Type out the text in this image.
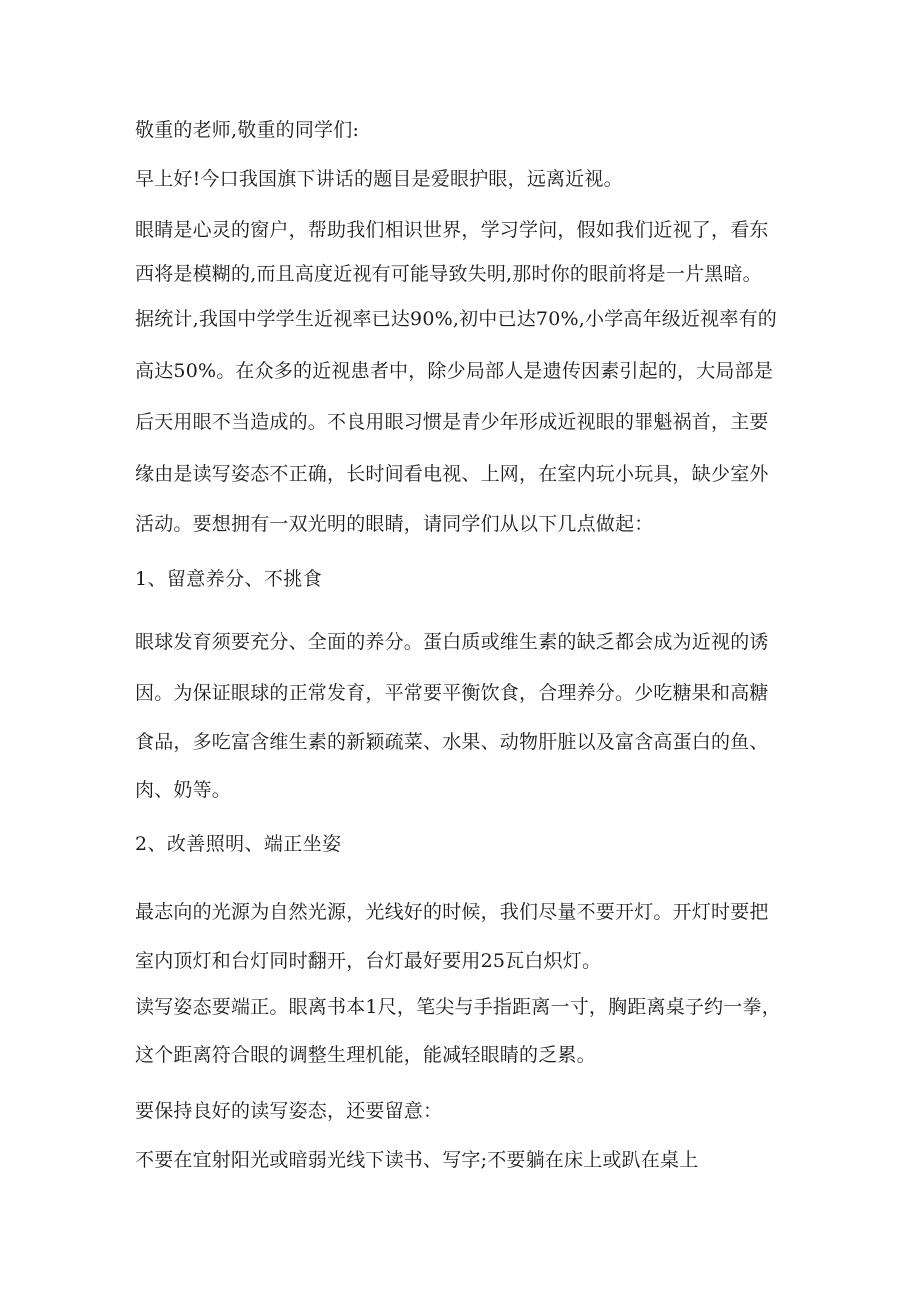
敬重的老师,敬重的同学们:
早上好!今口我国旗下讲话的题目是爱眼护眼，远离近视。
眼睛是心灵的窗户，帮助我们相识世界，学习学问，假如我们近视了，看东
西将是模糊的,而且高度近视有可能导致失明,那时你的眼前将是一片黑暗。
据统计,我国中学学生近视率已达90%,初中已达70%,小学高年级近视率有的
高达50%。在众多的近视患者中，除少局部人是遗传因素引起的，大局部是
后天用眼不当造成的。不良用眼习惯是青少年形成近视眼的罪魁祸首，主要
缘由是读写姿态不正确，长时间看电视、上网，在室内玩小玩具，缺少室外
活动。要想拥有一双光明的眼睛，请同学们从以下几点做起：
1、留意养分、不挑食
眼球发育须要充分、全面的养分。蛋白质或维生素的缺乏都会成为近视的诱
因。为保证眼球的正常发育，平常要平衡饮食，合理养分。少吃糖果和高糖
食品，多吃富含维生素的新颖疏菜、水果、动物肝脏以及富含高蛋白的鱼、
肉、奶等。
2、改善照明、端正坐姿
最志向的光源为自然光源，光线好的时候，我们尽量不要开灯。开灯时要把
室内顶灯和台灯同时翻开，台灯最好要用25瓦白炽灯。
读写姿态要端正。眼离书本1尺，笔尖与手指距离一寸，胸距离桌子约一拳，
这个距离符合眼的调整生理机能，能减轻眼睛的乏累。
要保持良好的读写姿态，还要留意：
不要在宜射阳光或暗弱光线下读书、写字;不要躺在床上或趴在桌上
